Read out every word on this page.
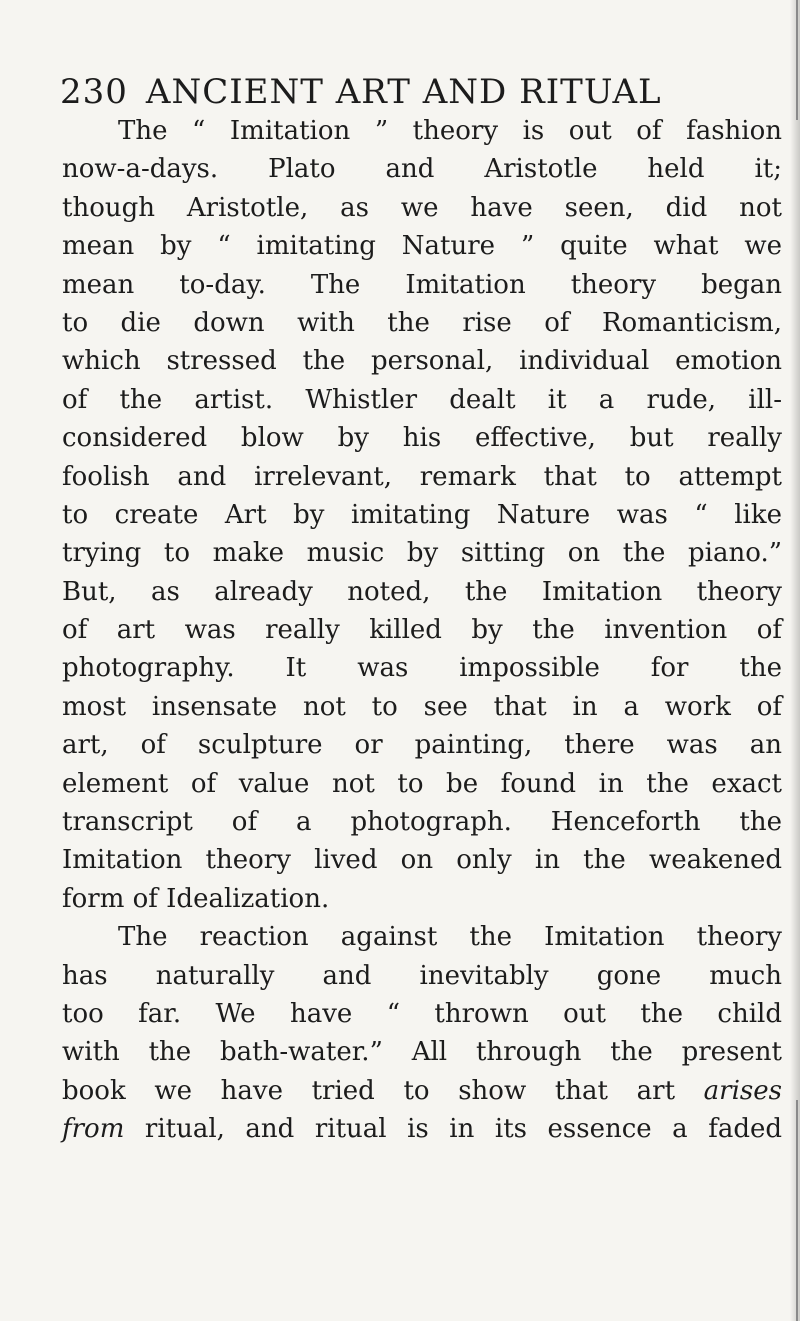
230 ANCIENT ART AND RITUAL
The “ Imitation ” theory is out of fashion
now-a-days. Plato and Aristotle held it;
though Aristotle, as we have seen, did not
mean by “ imitating Nature ” quite what we
mean to-day. The Imitation theory began
to die down with the rise of Romanticism,
which stressed the personal, individual emotion
of the artist. Whistler dealt it a rude, ill-
considered blow by his effective, but really
foolish and irrelevant, remark that to attempt
to create Art by imitating Nature was “ like
trying to make music by sitting on the piano.”
But, as already noted, the Imitation theory
of art was really killed by the invention of
photography. It was impossible for the
most insensate not to see that in a work of
art, of sculpture or painting, there was an
element of value not to be found in the exact
transcript of a photograph. Henceforth the
Imitation theory lived on only in the weakened
form of Idealization.
The reaction against the Imitation theory
has naturally and inevitably gone much
too far. We have “ thrown out the child
with the bath-water.” All through the present
book we have tried to show that art arises
from ritual, and ritual is in its essence a faded
